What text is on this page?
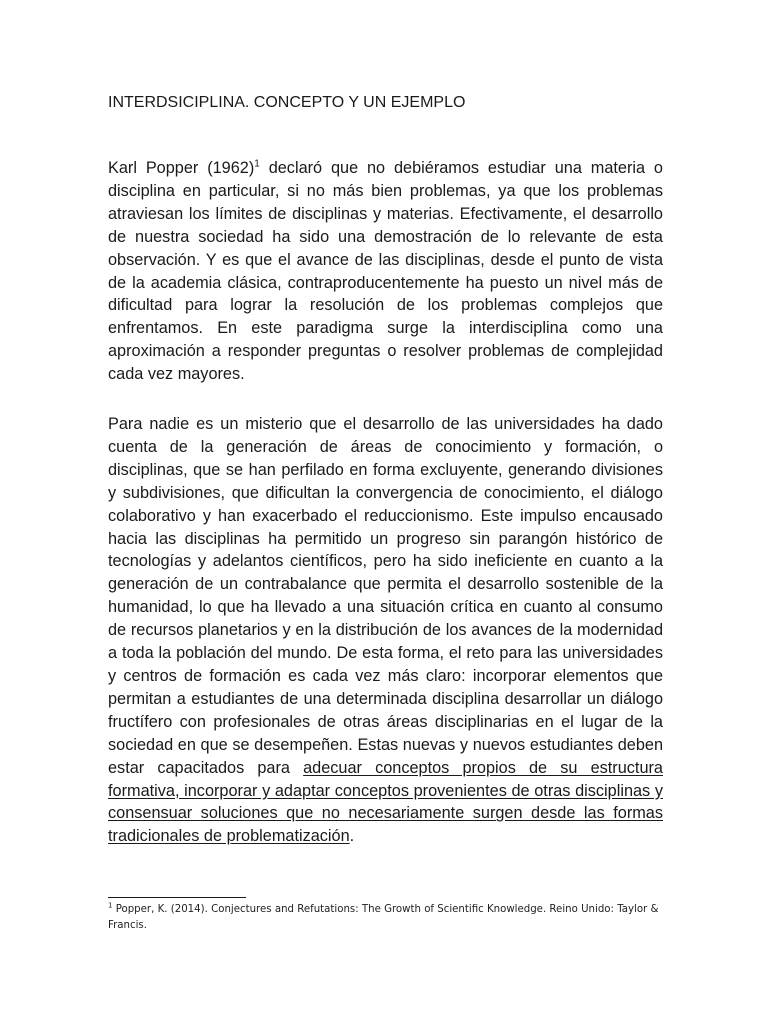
INTERDSICIPLINA. CONCEPTO Y UN EJEMPLO

Karl Popper (1962)$^1$ declaró que no debiéramos estudiar una materia o disciplina en particular, si no más bien problemas, ya que los problemas atraviesan los límites de disciplinas y materias. Efectivamente, el desarrollo de nuestra sociedad ha sido una demostración de lo relevante de esta observación. Y es que el avance de las disciplinas, desde el punto de vista de la academia clásica, contraproducentemente ha puesto un nivel más de dificultad para lograr la resolución de los problemas complejos que enfrentamos. En este paradigma surge la interdisciplina como una aproximación a responder preguntas o resolver problemas de complejidad cada vez mayores.

Para nadie es un misterio que el desarrollo de las universidades ha dado cuenta de la generación de áreas de conocimiento y formación, o disciplinas, que se han perfilado en forma excluyente, generando divisiones y subdivisiones, que dificultan la convergencia de conocimiento, el diálogo colaborativo y han exacerbado el reduccionismo. Este impulso encausado hacia las disciplinas ha permitido un progreso sin parangón histórico de tecnologías y adelantos científicos, pero ha sido ineficiente en cuanto a la generación de un contrabalance que permita el desarrollo sostenible de la humanidad, lo que ha llevado a una situación crítica en cuanto al consumo de recursos planetarios y en la distribución de los avances de la modernidad a toda la población del mundo. De esta forma, el reto para las universidades y centros de formación es cada vez más claro: incorporar elementos que permitan a estudiantes de una determinada disciplina desarrollar un diálogo fructífero con profesionales de otras áreas disciplinarias en el lugar de la sociedad en que se desempeñen. Estas nuevas y nuevos estudiantes deben estar capacitados para adecuar conceptos propios de su estructura formativa, incorporar y adaptar conceptos provenientes de otras disciplinas y consensuar soluciones que no necesariamente surgen desde las formas tradicionales de problematización.

$^1$ Popper, K. (2014). Conjectures and Refutations: The Growth of Scientific Knowledge. Reino Unido: Taylor & Francis.
